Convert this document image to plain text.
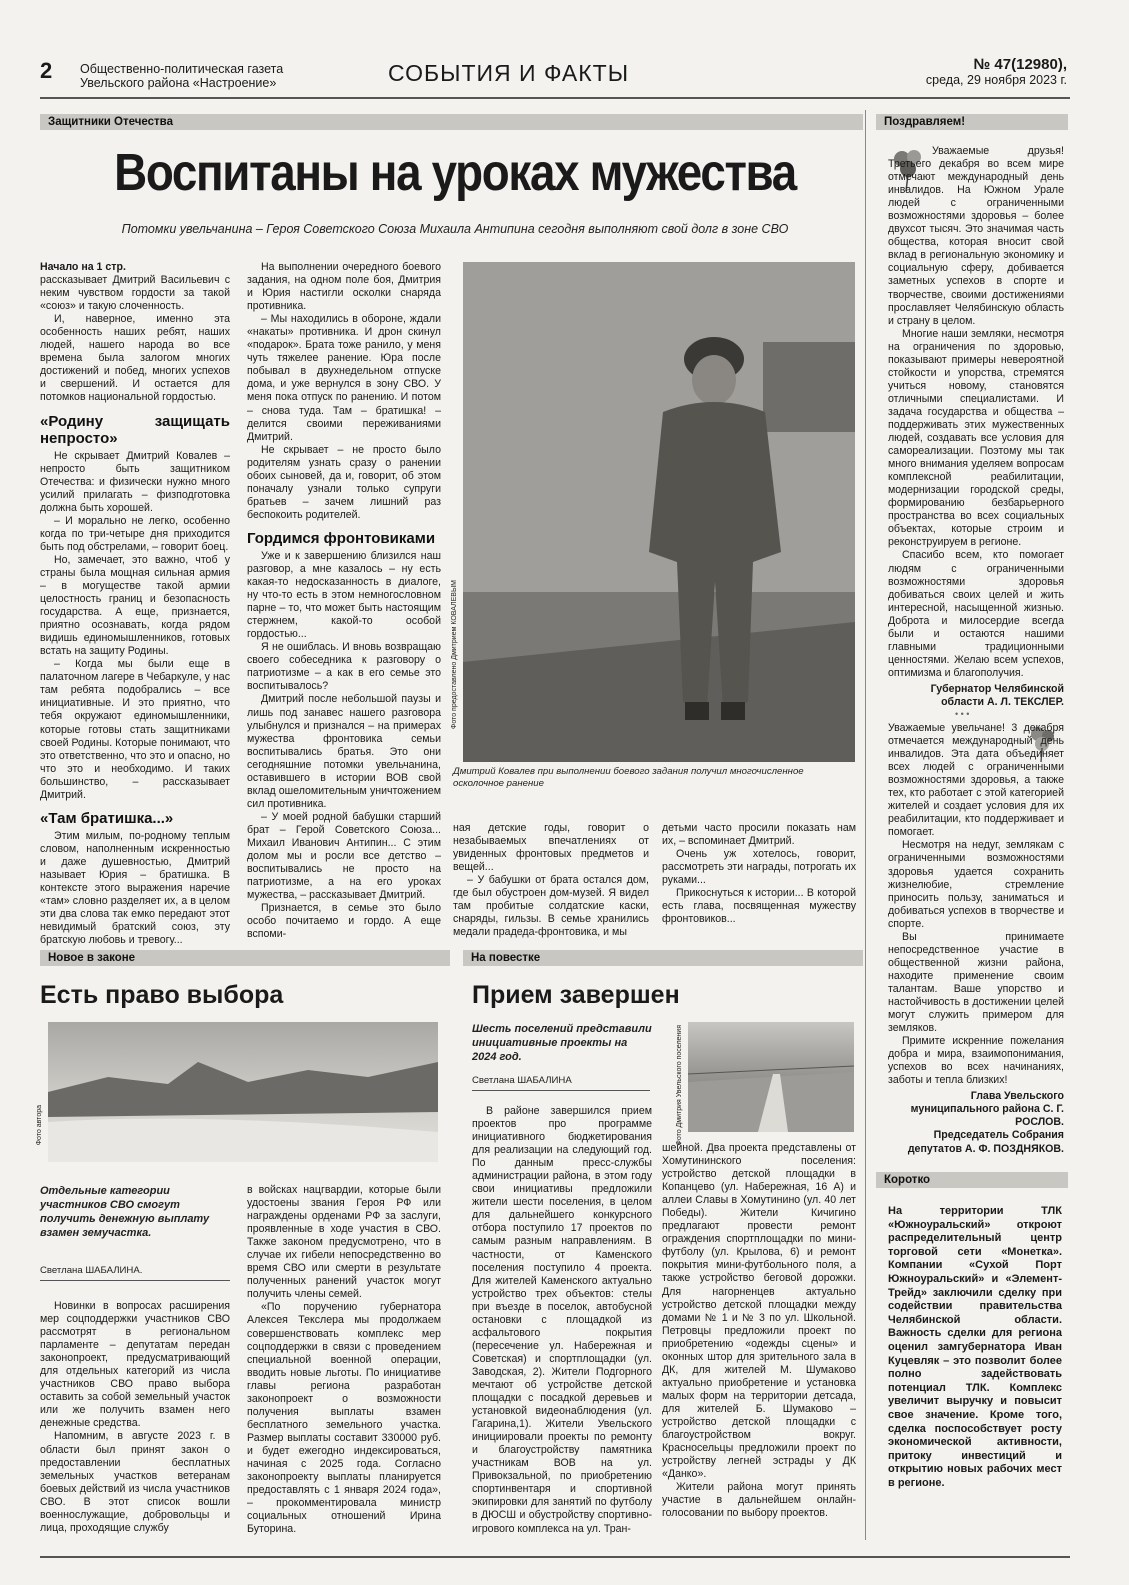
2 Общественно-политическая газета
Увельского района «Настроение»	СОБЫТИЯ И ФАКТЫ	№ 47(12980),
среда, 29 ноября 2023 г.
Защитники Отечества
Воспитаны на уроках мужества
Потомки увельчанина – Героя Советского Союза Михаила Антипина сегодня выполняют свой долг в зоне СВО

Начало на 1 стр.

рассказывает Дмитрий Васильевич с неким чувством гордости за такой «союз» и такую слоченность.

И, наверное, именно эта особенность наших ребят, наших людей, нашего народа во все времена была залогом многих достижений и побед, многих успехов и свершений. И остается для потомков национальной гордостью.

«Родину защищать непросто»

Не скрывает Дмитрий Ковалев – непросто быть защитником Отечества: и физически нужно много усилий прилагать – физподготовка должна быть хорошей.

– И морально не легко, особенно когда по три-четыре дня приходится быть под обстрелами, – говорит боец.

Но, замечает, это важно, чтоб у страны была мощная сильная армия – в могуществе такой армии целостность границ и безопасность государства. А еще, признается, приятно осознавать, когда рядом видишь единомышленников, готовых встать на защиту Родины.

– Когда мы были еще в палаточном лагере в Чебаркуле, у нас там ребята подобрались – все инициативные. И это приятно, что тебя окружают единомышленники, которые готовы стать защитниками своей Родины. Которые понимают, что это ответственно, что это и опасно, но что это и необходимо. И таких большинство, – рассказывает Дмитрий.

«Там братишка...»

Этим милым, по-родному теплым словом, наполненным искренностью и даже душевностью, Дмитрий называет Юрия – братишка. В контексте этого выражения наречие «там» словно разделяет их, а в целом эти два слова так емко передают этот невидимый братский союз, эту братскую любовь и тревогу...

На выполнении очередного боевого задания, на одном поле боя, Дмитрия и Юрия настигли осколки снаряда противника.

– Мы находились в обороне, ждали «накаты» противника. И дрон скинул «подарок». Брата тоже ранило, у меня чуть тяжелее ранение. Юра после побывал в двухнедельном отпуске дома, и уже вернулся в зону СВО. У меня пока отпуск по ранению. И потом – снова туда. Там – братишка! – делится своими переживаниями Дмитрий.

Не скрывает – не просто было родителям узнать сразу о ранении обоих сыновей, да и, говорит, об этом поначалу узнали только супруги братьев – зачем лишний раз беспокоить родителей.

Гордимся фронтовиками

Уже и к завершению близился наш разговор, а мне казалось – ну есть какая-то недосказанность в диалоге, ну что-то есть в этом немногословном парне – то, что может быть настоящим стержнем, какой-то особой гордостью...

Я не ошиблась. И вновь возвращаю своего собеседника к разговору о патриотизме – а как в его семье это воспитывалось?

Дмитрий после небольшой паузы и лишь под занавес нашего разговора улыбнулся и признался – на примерах мужества фронтовика семьи воспитывались братья. Это они сегодняшние потомки увельчанина, оставившего в истории ВОВ свой вклад ошеломительным уничтожением сил противника.

– У моей родной бабушки старший брат – Герой Советского Союза... Михаил Иванович Антипин... С этим долом мы и росли все детство – воспитывались не просто на патриотизме, а на его уроках мужества, – рассказывает Дмитрий.

Признается, в семье это было особо почитаемо и гордо. А еще вспоми-

Фото предоставлено Дмитрием КОВАЛЕВЫМ
Дмитрий Ковалев при выполнении боевого задания получил многочисленное осколочное ранение

ная детские годы, говорит о незабываемых впечатлениях от увиденных фронтовых предметов и вещей...

– У бабушки от брата остался дом, где был обустроен дом-музей. Я видел там пробитые солдатские каски, снаряды, гильзы. В семье хранились медали прадеда-фронтовика, и мы

детьми часто просили показать нам их, – вспоминает Дмитрий.

Очень уж хотелось, говорит, рассмотреть эти награды, потрогать их руками...

Прикоснуться к истории... В которой есть глава, посвященная мужеству фронтовиков...

Новое в законе
Есть право выбора
Фото автора
Отдельные категории участников СВО смогут получить денежную выплату взамен земучастка.
Светлана ШАБАЛИНА.

Новинки в вопросах расширения мер соцподдержки участников СВО рассмотрят в региональном парламенте – депутатам передан законопроект, предусматривающий для отдельных категорий из числа участников СВО право выбора оставить за собой земельный участок или же получить взамен него денежные средства.

Напомним, в августе 2023 г. в области был принят закон о предоставлении бесплатных земельных участков ветеранам боевых действий из числа участников СВО. В этот список вошли военнослужащие, добровольцы и лица, проходящие службу

в войсках нацгвардии, которые были удостоены звания Героя РФ или награждены орденами РФ за заслуги, проявленные в ходе участия в СВО. Также законом предусмотрено, что в случае их гибели непосредственно во время СВО или смерти в результате полученных ранений участок могут получить члены семей.

«По поручению губернатора Алексея Текслера мы продолжаем совершенствовать комплекс мер соцподдержки в связи с проведением специальной военной операции, вводить новые льготы. По инициативе главы региона разработан законопроект о возможности получения выплаты взамен бесплатного земельного участка. Размер выплаты составит 330000 руб. и будет ежегодно индексироваться, начиная с 2025 года. Согласно законопроекту выплаты планируется предоставлять с 1 января 2024 года», – прокомментировала министр социальных отношений Ирина Буторина.

На повестке
Прием завершен
Шесть поселений представили инициативные проекты на 2024 год.
Светлана ШАБАЛИНА	Фото Дмитрия Увельского поселения

В районе завершился прием проектов про программе инициативного бюджетирования для реализации на следующий год. По данным пресс-службы администрации района, в этом году свои инициативы предложили жители шести поселения, в целом для дальнейшего конкурсного отбора поступило 17 проектов по самым разным направлениям. В частности, от Каменского поселения поступило 4 проекта. Для жителей Каменского актуально устройство трех объектов: стелы при въезде в поселок, автобусной остановки с площадкой из асфальтового покрытия (пересечение ул. Набережная и Советская) и спортплощадки (ул. Заводская, 2). Жители Подгорного мечтают об устройстве детской площадки с посадкой деревьев и установкой видеонаблюдения (ул. Гагарина,1). Жители Увельского инициировали проекты по ремонту и благоустройству памятника участникам ВОВ на ул. Привокзальной, по приобретению спортинвентаря и спортивной экипировки для занятий по футболу в ДЮСШ и обустройству спортивно-игрового комплекса на ул. Тран-

шейной. Два проекта представлены от Хомутининского поселения: устройство детской площадки в Копанцево (ул. Набережная, 16 А) и аллеи Славы в Хомутинино (ул. 40 лет Победы). Жители Кичигино предлагают провести ремонт ограждения спортплощадки по мини-футболу (ул. Крылова, 6) и ремонт покрытия мини-футбольного поля, а также устройство беговой дорожки. Для нагорненцев актуально устройство детской площадки между домами № 1 и № 3 по ул. Школьной. Петровцы предложили проект по приобретению «одежды сцены» и оконных штор для зрительного зала в ДК, для жителей М. Шумаково актуально приобретение и установка малых форм на территории детсада, для жителей Б. Шумаково – устройство детской площадки с благоустройством вокруг. Красносельцы предложили проект по устройству легней эстрады у ДК «Данко».

Жители района могут принять участие в дальнейшем онлайн-голосовании по выбору проектов.

Поздравляем!

Уважаемые друзья! Третьего декабря во всем мире отмечают международный день инвалидов. На Южном Урале людей с ограниченными возможностями здоровья – более двухсот тысяч. Это значимая часть общества, которая вносит свой вклад в региональную экономику и социальную сферу, добивается заметных успехов в спорте и творчестве, своими достижениями прославляет Челябинскую область и страну в целом.

Многие наши земляки, несмотря на ограничения по здоровью, показывают примеры невероятной стойкости и упорства, стремятся учиться новому, становятся отличными специалистами. И задача государства и общества – поддерживать этих мужественных людей, создавать все условия для самореализации. Поэтому мы так много внимания уделяем вопросам комплексной реабилитации, модернизации городской среды, формированию безбарьерного пространства во всех социальных объектах, которые строим и реконструируем в регионе.

Спасибо всем, кто помогает людям с ограниченными возможностями здоровья добиваться своих целей и жить интересной, насыщенной жизнью. Доброта и милосердие всегда были и остаются нашими главными традиционными ценностями. Желаю всем успехов, оптимизма и благополучия.

Губернатор Челябинской области А. Л. ТЕКСЛЕР.

• • •

Уважаемые увельчане! 3 декабря отмечается международный день инвалидов. Эта дата объединяет всех людей с ограниченными возможностями здоровья, а также тех, кто работает с этой категорией жителей и создает условия для их реабилитации, кто поддерживает и помогает.

Несмотря на недуг, землякам с ограниченными возможностями здоровья удается сохранить жизнелюбие, стремление приносить пользу, заниматься и добиваться успехов в творчестве и спорте.

Вы принимаете непосредственное участие в общественной жизни района, находите применение своим талантам. Ваше упорство и настойчивость в достижении целей могут служить примером для земляков.

Примите искренние пожелания добра и мира, взаимопонимания, успехов во всех начинаниях, заботы и тепла близких!

Глава Увельского муниципального района С. Г. РОСЛОВ.

Председатель Собрания депутатов А. Ф. ПОЗДНЯКОВ.

Коротко
На территории ТЛК «Южноуральский» откроют распределительный центр торговой сети «Монетка». Компании «Сухой Порт Южноуральский» и «Элемент-Трейд» заключили сделку при содействии правительства Челябинской области. Важность сделки для региона оценил замгубернатора Иван Куцевляк – это позволит более полно задействовать потенциал ТЛК. Комплекс увеличит выручку и повысит свое значение. Кроме того, сделка поспособствует росту экономической активности, притоку инвестиций и открытию новых рабочих мест в регионе.
